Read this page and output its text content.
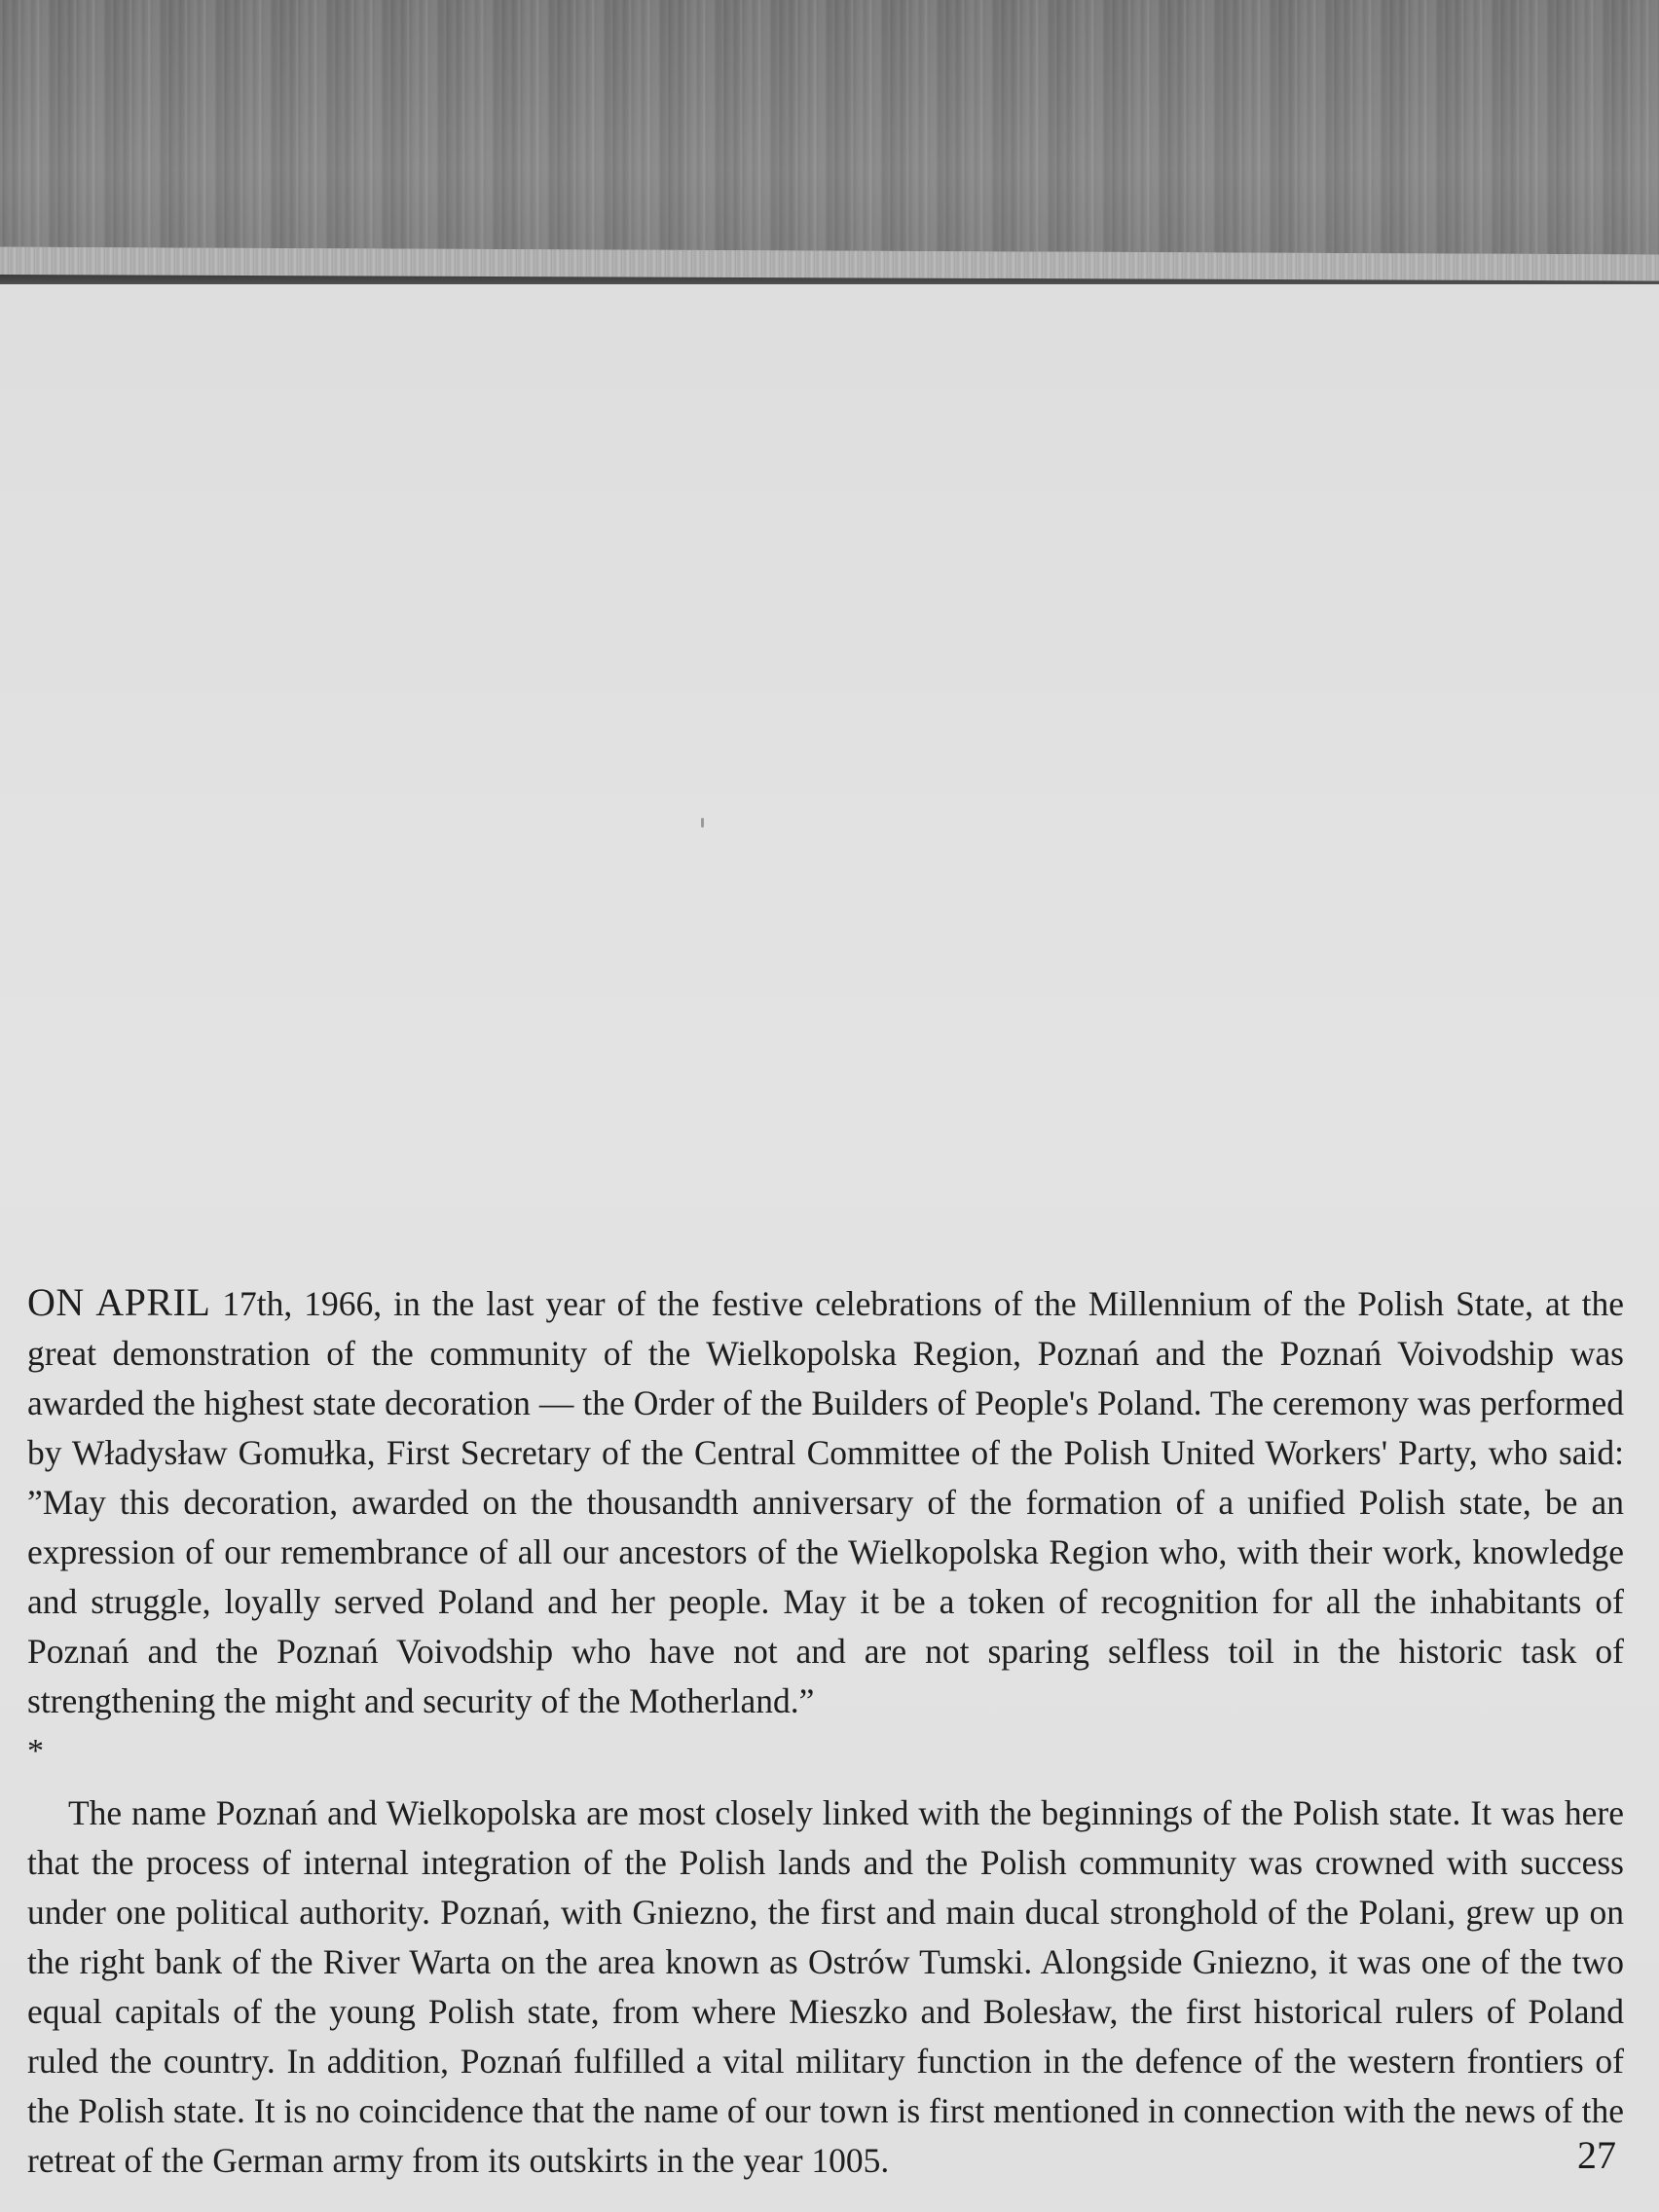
ON APRIL 17th, 1966, in the last year of the festive celebrations of the Millennium of the Polish State, at the great demonstration of the community of the Wielkopolska Region, Poznań and the Poznań Voivodship was awarded the highest state decoration — the Order of the Builders of People's Poland. The ceremony was performed by Władysław Gomułka, First Secretary of the Central Committee of the Polish United Workers' Party, who said: ”May this decoration, awarded on the thousandth anniversary of the formation of a unified Polish state, be an expression of our remembrance of all our ancestors of the Wielkopolska Region who, with their work, knowledge and struggle, loyally served Poland and her people. May it be a token of recognition for all the inhabitants of Poznań and the Poznań Voivodship who have not and are not sparing selfless toil in the historic task of strengthening the might and security of the Motherland.”

*

The name Poznań and Wielkopolska are most closely linked with the beginnings of the Polish state. It was here that the process of internal integration of the Polish lands and the Polish community was crowned with success under one political authority. Poznań, with Gniezno, the first and main ducal stronghold of the Polani, grew up on the right bank of the River Warta on the area known as Ostrów Tumski. Alongside Gniezno, it was one of the two equal capitals of the young Polish state, from where Mieszko and Bolesław, the first historical rulers of Poland ruled the country. In addition, Poznań fulfilled a vital military function in the defence of the western frontiers of the Polish state. It is no coincidence that the name of our town is first mentioned in connection with the news of the retreat of the German army from its outskirts in the year 1005.	27
